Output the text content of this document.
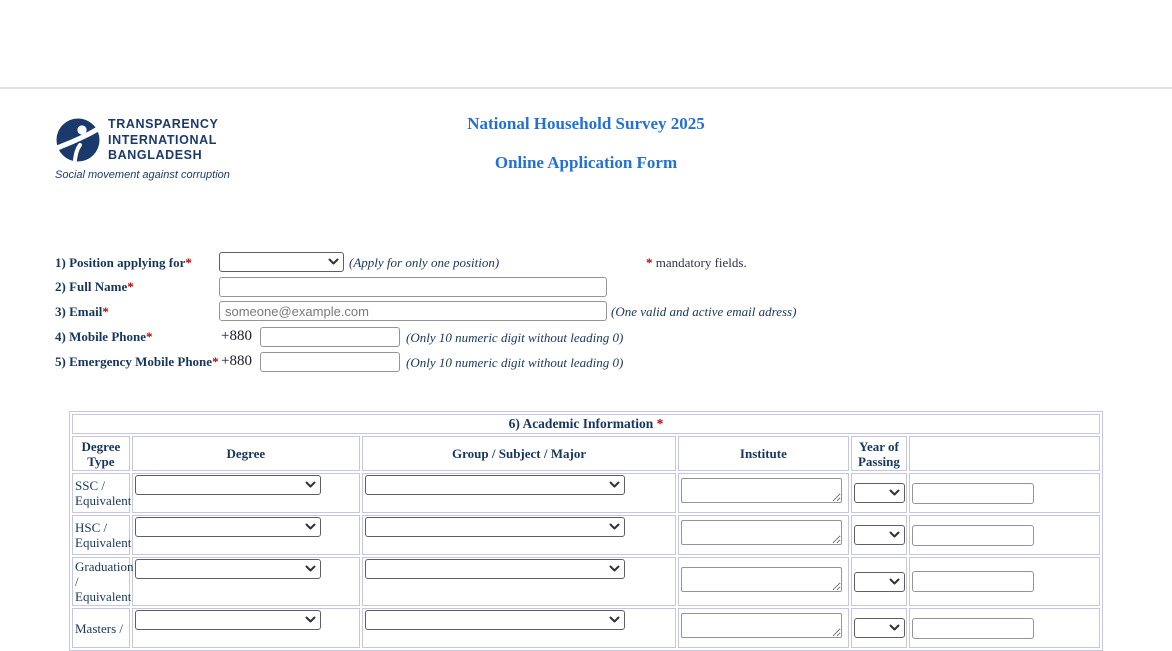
TRANSPARENCY
INTERNATIONAL
BANGLADESH
Social movement against corruption
National Household Survey 2025
Online Application Form
1) Position applying for*	(Apply for only one position)	* mandatory fields.
2) Full Name*
3) Email*
someone@example.com	(One valid and active email adress)
4) Mobile Phone*	+880	(Only 10 numeric digit without leading 0)
5) Emergency Mobile Phone* +880	(Only 10 numeric digit without leading 0)
6) Academic Information *					
Degree Type	Degree	Group / Subject / Major	Institute	Year of Passing	
SSC / Equivalent	

HSC / Equivalent	

Graduation / Equivalent	

Masters /	
